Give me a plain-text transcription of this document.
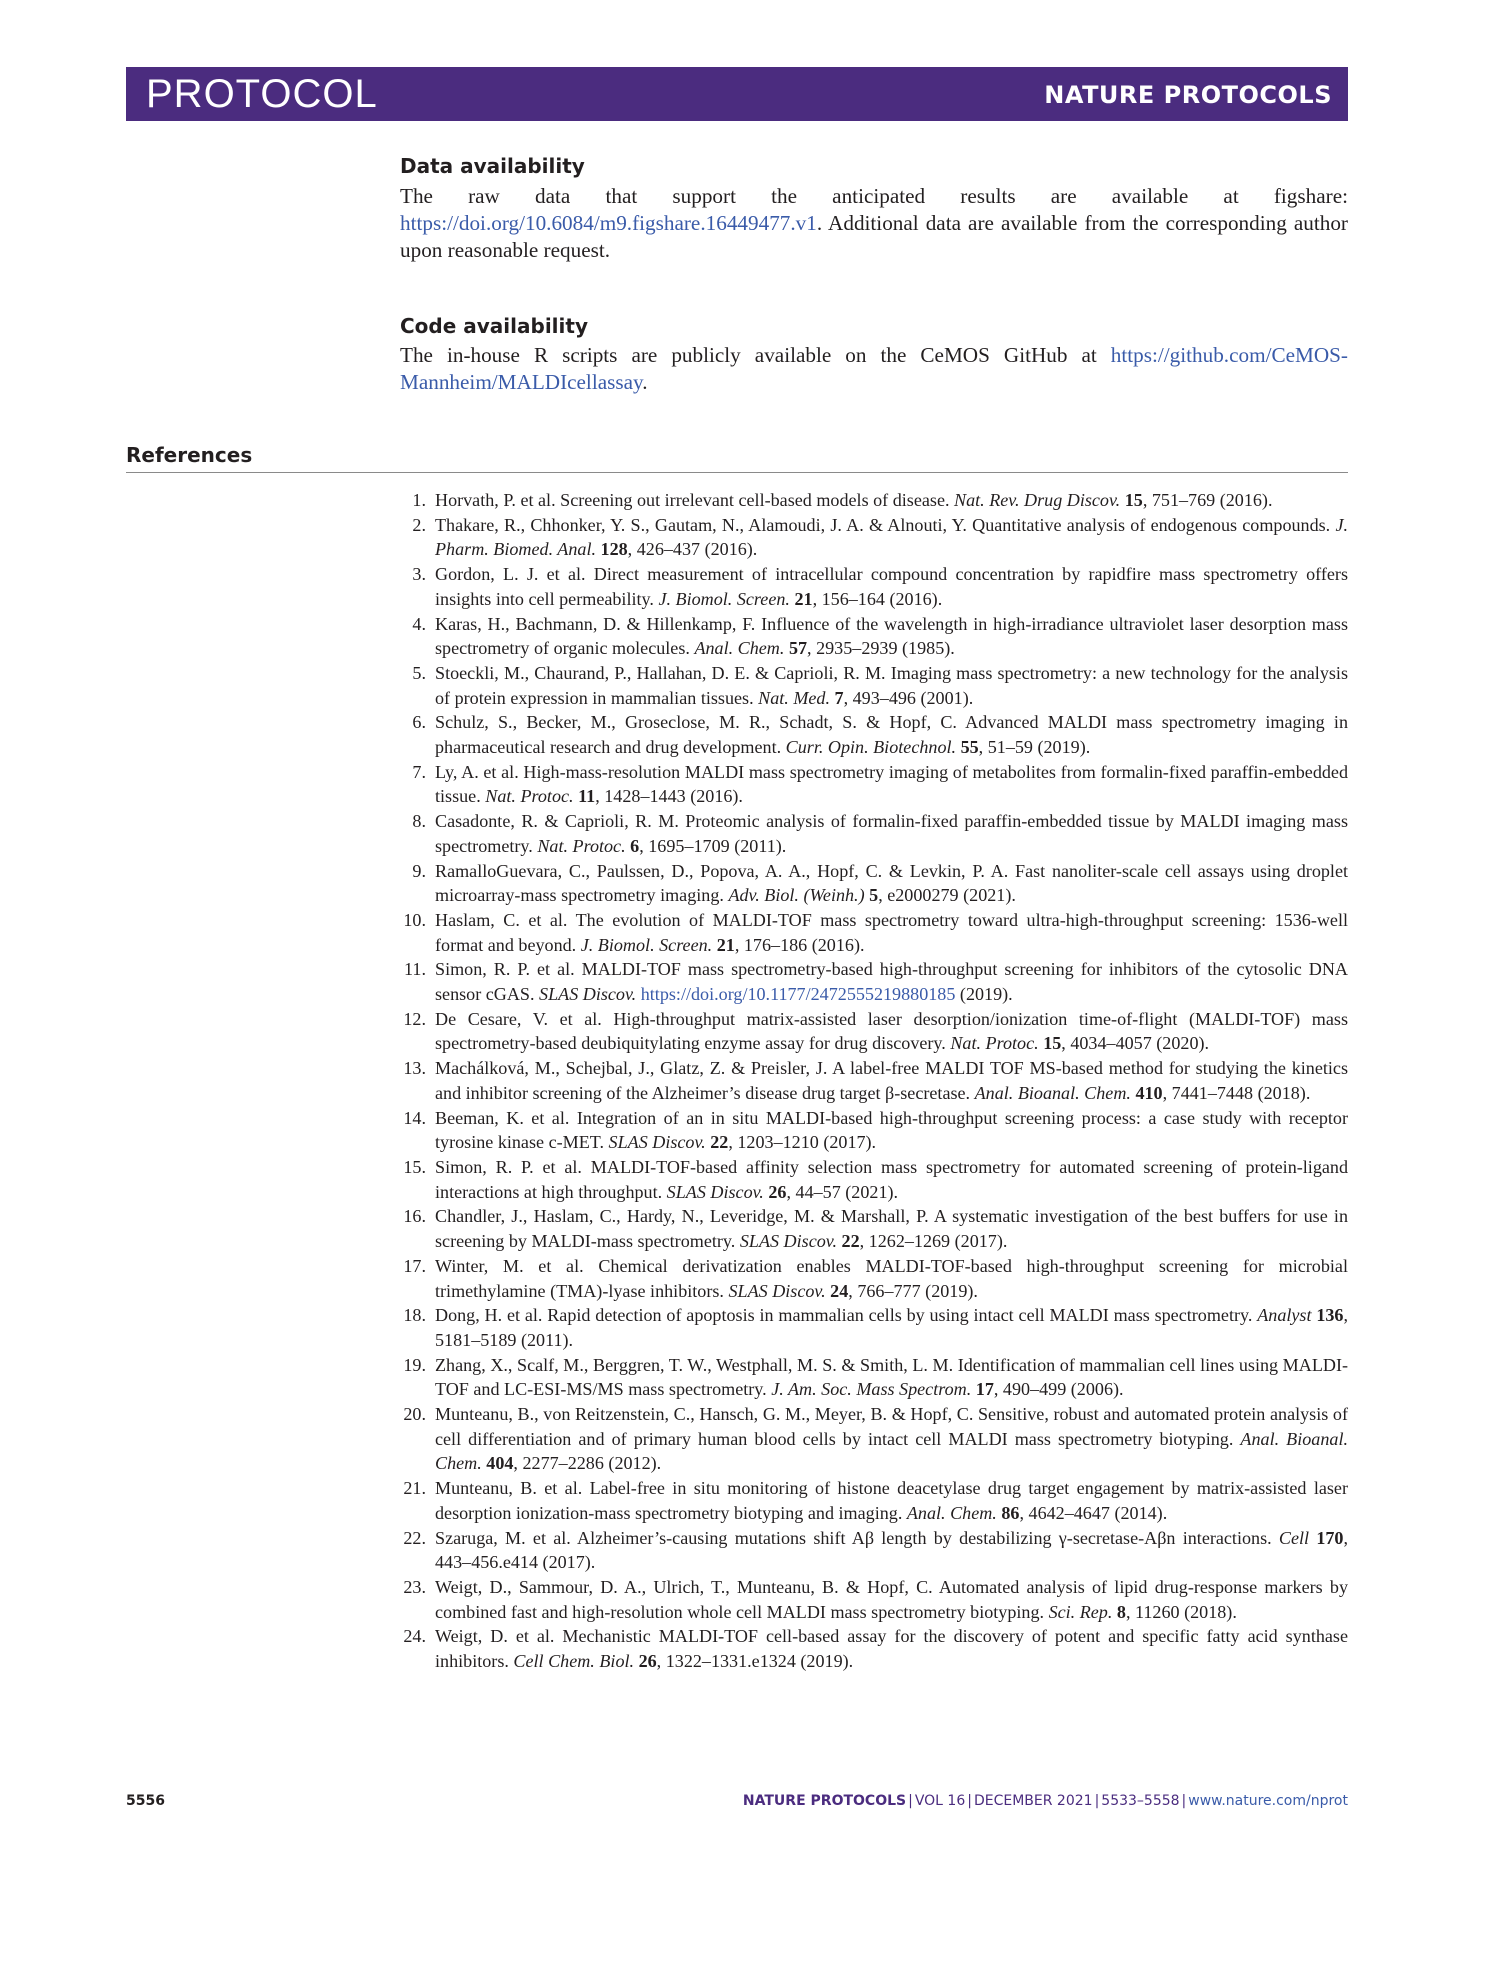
PROTOCOL	NATURE PROTOCOLS
Data availability
The raw data that support the anticipated results are available at figshare: https://doi.org/10.6084/m9.figshare.16449477.v1. Additional data are available from the corresponding author upon reasonable request.
Code availability
The in-house R scripts are publicly available on the CeMOS GitHub at https://github.com/CeMOS-Mannheim/MALDIcellassay.
References
1. Horvath, P. et al. Screening out irrelevant cell-based models of disease. Nat. Rev. Drug Discov. 15, 751–769 (2016).
2. Thakare, R., Chhonker, Y. S., Gautam, N., Alamoudi, J. A. & Alnouti, Y. Quantitative analysis of endogenous compounds. J. Pharm. Biomed. Anal. 128, 426–437 (2016).
3. Gordon, L. J. et al. Direct measurement of intracellular compound concentration by rapidfire mass spectrometry offers insights into cell permeability. J. Biomol. Screen. 21, 156–164 (2016).
4. Karas, H., Bachmann, D. & Hillenkamp, F. Influence of the wavelength in high-irradiance ultraviolet laser desorption mass spectrometry of organic molecules. Anal. Chem. 57, 2935–2939 (1985).
5. Stoeckli, M., Chaurand, P., Hallahan, D. E. & Caprioli, R. M. Imaging mass spectrometry: a new technology for the analysis of protein expression in mammalian tissues. Nat. Med. 7, 493–496 (2001).
6. Schulz, S., Becker, M., Groseclose, M. R., Schadt, S. & Hopf, C. Advanced MALDI mass spectrometry imaging in pharmaceutical research and drug development. Curr. Opin. Biotechnol. 55, 51–59 (2019).
7. Ly, A. et al. High-mass-resolution MALDI mass spectrometry imaging of metabolites from formalin-fixed paraffin-embedded tissue. Nat. Protoc. 11, 1428–1443 (2016).
8. Casadonte, R. & Caprioli, R. M. Proteomic analysis of formalin-fixed paraffin-embedded tissue by MALDI imaging mass spectrometry. Nat. Protoc. 6, 1695–1709 (2011).
9. RamalloGuevara, C., Paulssen, D., Popova, A. A., Hopf, C. & Levkin, P. A. Fast nanoliter-scale cell assays using droplet microarray-mass spectrometry imaging. Adv. Biol. (Weinh.) 5, e2000279 (2021).
10. Haslam, C. et al. The evolution of MALDI-TOF mass spectrometry toward ultra-high-throughput screening: 1536-well format and beyond. J. Biomol. Screen. 21, 176–186 (2016).
11. Simon, R. P. et al. MALDI-TOF mass spectrometry-based high-throughput screening for inhibitors of the cytosolic DNA sensor cGAS. SLAS Discov. https://doi.org/10.1177/2472555219880185 (2019).
12. De Cesare, V. et al. High-throughput matrix-assisted laser desorption/ionization time-of-flight (MALDI-TOF) mass spectrometry-based deubiquitylating enzyme assay for drug discovery. Nat. Protoc. 15, 4034–4057 (2020).
13. Machálková, M., Schejbal, J., Glatz, Z. & Preisler, J. A label-free MALDI TOF MS-based method for studying the kinetics and inhibitor screening of the Alzheimer’s disease drug target β-secretase. Anal. Bioanal. Chem. 410, 7441–7448 (2018).
14. Beeman, K. et al. Integration of an in situ MALDI-based high-throughput screening process: a case study with receptor tyrosine kinase c-MET. SLAS Discov. 22, 1203–1210 (2017).
15. Simon, R. P. et al. MALDI-TOF-based affinity selection mass spectrometry for automated screening of protein-ligand interactions at high throughput. SLAS Discov. 26, 44–57 (2021).
16. Chandler, J., Haslam, C., Hardy, N., Leveridge, M. & Marshall, P. A systematic investigation of the best buffers for use in screening by MALDI-mass spectrometry. SLAS Discov. 22, 1262–1269 (2017).
17. Winter, M. et al. Chemical derivatization enables MALDI-TOF-based high-throughput screening for microbial trimethylamine (TMA)-lyase inhibitors. SLAS Discov. 24, 766–777 (2019).
18. Dong, H. et al. Rapid detection of apoptosis in mammalian cells by using intact cell MALDI mass spectrometry. Analyst 136, 5181–5189 (2011).
19. Zhang, X., Scalf, M., Berggren, T. W., Westphall, M. S. & Smith, L. M. Identification of mammalian cell lines using MALDI-TOF and LC-ESI-MS/MS mass spectrometry. J. Am. Soc. Mass Spectrom. 17, 490–499 (2006).
20. Munteanu, B., von Reitzenstein, C., Hansch, G. M., Meyer, B. & Hopf, C. Sensitive, robust and automated protein analysis of cell differentiation and of primary human blood cells by intact cell MALDI mass spectrometry biotyping. Anal. Bioanal. Chem. 404, 2277–2286 (2012).
21. Munteanu, B. et al. Label-free in situ monitoring of histone deacetylase drug target engagement by matrix-assisted laser desorption ionization-mass spectrometry biotyping and imaging. Anal. Chem. 86, 4642–4647 (2014).
22. Szaruga, M. et al. Alzheimer’s-causing mutations shift Aβ length by destabilizing γ-secretase-Aβn interactions. Cell 170, 443–456.e414 (2017).
23. Weigt, D., Sammour, D. A., Ulrich, T., Munteanu, B. & Hopf, C. Automated analysis of lipid drug-response markers by combined fast and high-resolution whole cell MALDI mass spectrometry biotyping. Sci. Rep. 8, 11260 (2018).
24. Weigt, D. et al. Mechanistic MALDI-TOF cell-based assay for the discovery of potent and specific fatty acid synthase inhibitors. Cell Chem. Biol. 26, 1322–1331.e1324 (2019).
5556	NATURE PROTOCOLS | VOL 16 | DECEMBER 2021 | 5533–5558 | www.nature.com/nprot
